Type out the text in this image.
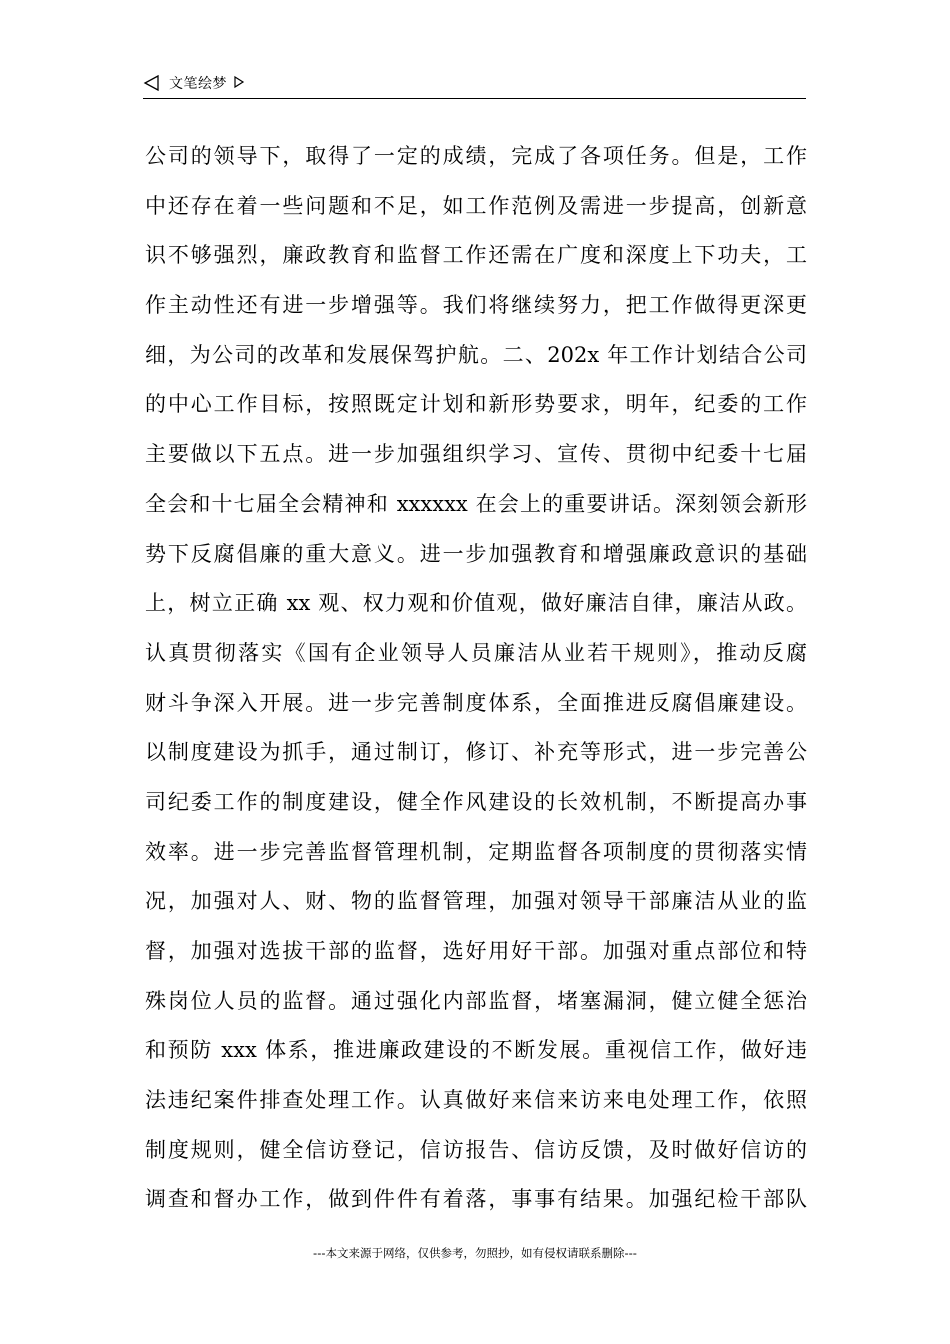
文笔绘梦
公司的领导下，取得了一定的成绩，完成了各项任务。但是，工作
中还存在着一些问题和不足，如工作范例及需进一步提高，创新意
识不够强烈，廉政教育和监督工作还需在广度和深度上下功夫，工
作主动性还有进一步增强等。我们将继续努力，把工作做得更深更
细，为公司的改革和发展保驾护航。二、202x 年工作计划结合公司
的中心工作目标，按照既定计划和新形势要求，明年，纪委的工作
主要做以下五点。进一步加强组织学习、宣传、贯彻中纪委十七届
全会和十七届全会精神和 xxxxxx 在会上的重要讲话。深刻领会新形
势下反腐倡廉的重大意义。进一步加强教育和增强廉政意识的基础
上，树立正确 xx 观、权力观和价值观，做好廉洁自律，廉洁从政。
认真贯彻落实《国有企业领导人员廉洁从业若干规则》，推动反腐
财斗争深入开展。进一步完善制度体系，全面推进反腐倡廉建设。
以制度建设为抓手，通过制订，修订、补充等形式，进一步完善公
司纪委工作的制度建设，健全作风建设的长效机制，不断提高办事
效率。进一步完善监督管理机制，定期监督各项制度的贯彻落实情
况，加强对人、财、物的监督管理，加强对领导干部廉洁从业的监
督，加强对选拔干部的监督，选好用好干部。加强对重点部位和特
殊岗位人员的监督。通过强化内部监督，堵塞漏洞，健立健全惩治
和预防 xxx 体系，推进廉政建设的不断发展。重视信工作，做好违
法违纪案件排查处理工作。认真做好来信来访来电处理工作，依照
制度规则，健全信访登记，信访报告、信访反馈，及时做好信访的
调查和督办工作，做到件件有着落，事事有结果。加强纪检干部队
---本文来源于网络，仅供参考，勿照抄，如有侵权请联系删除---
